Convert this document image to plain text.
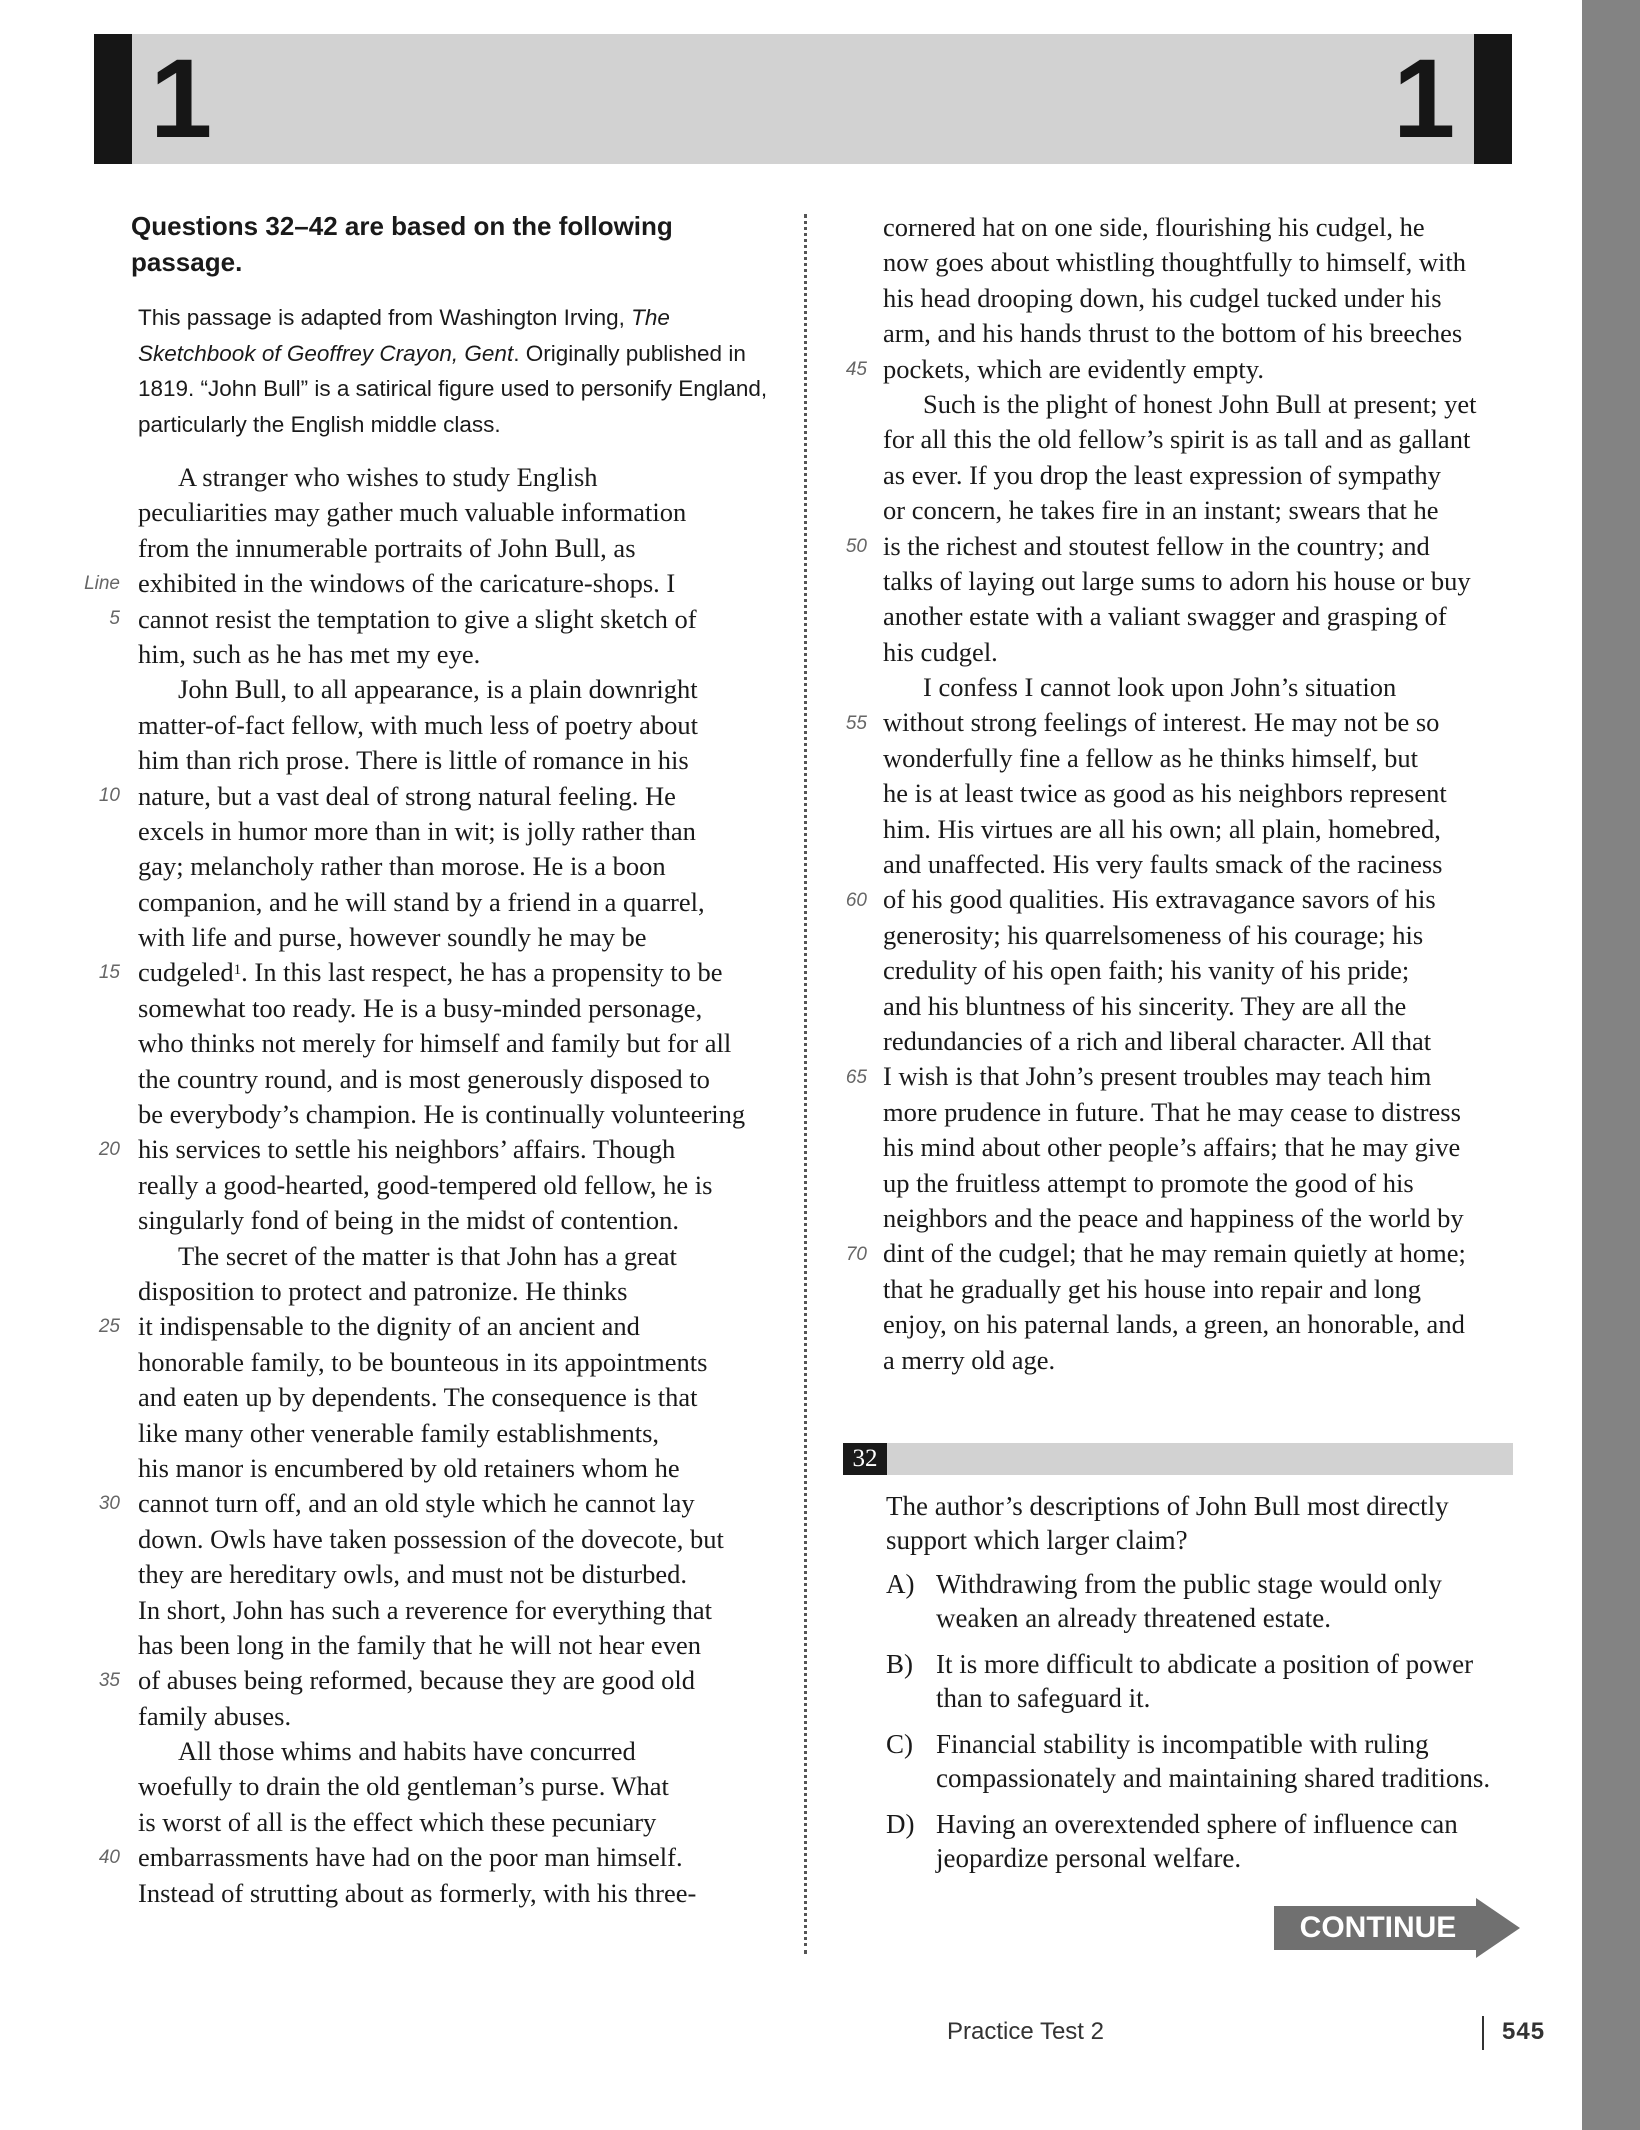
1	1
Questions 32–42 are based on the following
passage.
This passage is adapted from Washington Irving, The Sketchbook of Geoffrey Crayon, Gent. Originally published in 1819. “John Bull” is a satirical figure used to personify England, particularly the English middle class.
A stranger who wishes to study English
peculiarities may gather much valuable information
from the innumerable portraits of John Bull, as
exhibited in the windows of the caricature-shops. I
cannot resist the temptation to give a slight sketch of
him, such as he has met my eye.
John Bull, to all appearance, is a plain downright
matter-of-fact fellow, with much less of poetry about
him than rich prose. There is little of romance in his
nature, but a vast deal of strong natural feeling. He
excels in humor more than in wit; is jolly rather than
gay; melancholy rather than morose. He is a boon
companion, and he will stand by a friend in a quarrel,
with life and purse, however soundly he may be
cudgeled$^1$. In this last respect, he has a propensity to be
somewhat too ready. He is a busy-minded personage,
who thinks not merely for himself and family but for all
the country round, and is most generously disposed to
be everybody’s champion. He is continually volunteering
his services to settle his neighbors’ affairs. Though
really a good-hearted, good-tempered old fellow, he is
singularly fond of being in the midst of contention.
The secret of the matter is that John has a great
disposition to protect and patronize. He thinks
it indispensable to the dignity of an ancient and
honorable family, to be bounteous in its appointments
and eaten up by dependents. The consequence is that
like many other venerable family establishments,
his manor is encumbered by old retainers whom he
cannot turn off, and an old style which he cannot lay
down. Owls have taken possession of the dovecote, but
they are hereditary owls, and must not be disturbed.
In short, John has such a reverence for everything that
has been long in the family that he will not hear even
of abuses being reformed, because they are good old
family abuses.
All those whims and habits have concurred
woefully to drain the old gentleman’s purse. What
is worst of all is the effect which these pecuniary
embarrassments have had on the poor man himself.
Instead of strutting about as formerly, with his three-
cornered hat on one side, flourishing his cudgel, he
now goes about whistling thoughtfully to himself, with
his head drooping down, his cudgel tucked under his
arm, and his hands thrust to the bottom of his breeches
pockets, which are evidently empty.
Such is the plight of honest John Bull at present; yet
for all this the old fellow’s spirit is as tall and as gallant
as ever. If you drop the least expression of sympathy
or concern, he takes fire in an instant; swears that he
is the richest and stoutest fellow in the country; and
talks of laying out large sums to adorn his house or buy
another estate with a valiant swagger and grasping of
his cudgel.
I confess I cannot look upon John’s situation
without strong feelings of interest. He may not be so
wonderfully fine a fellow as he thinks himself, but
he is at least twice as good as his neighbors represent
him. His virtues are all his own; all plain, homebred,
and unaffected. His very faults smack of the raciness
of his good qualities. His extravagance savors of his
generosity; his quarrelsomeness of his courage; his
credulity of his open faith; his vanity of his pride;
and his bluntness of his sincerity. They are all the
redundancies of a rich and liberal character. All that
I wish is that John’s present troubles may teach him
more prudence in future. That he may cease to distress
his mind about other people’s affairs; that he may give
up the fruitless attempt to promote the good of his
neighbors and the peace and happiness of the world by
dint of the cudgel; that he may remain quietly at home;
that he gradually get his house into repair and long
enjoy, on his paternal lands, a green, an honorable, and
a merry old age.
Line
5
10
15
20
25
30
35
40
45
50
55
60
65
70
32
The author’s descriptions of John Bull most directly support which larger claim?
A) Withdrawing from the public stage would only weaken an already threatened estate.
B) It is more difficult to abdicate a position of power than to safeguard it.
C) Financial stability is incompatible with ruling compassionately and maintaining shared traditions.
D) Having an overextended sphere of influence can jeopardize personal welfare.
CONTINUE
Practice Test 2	545
